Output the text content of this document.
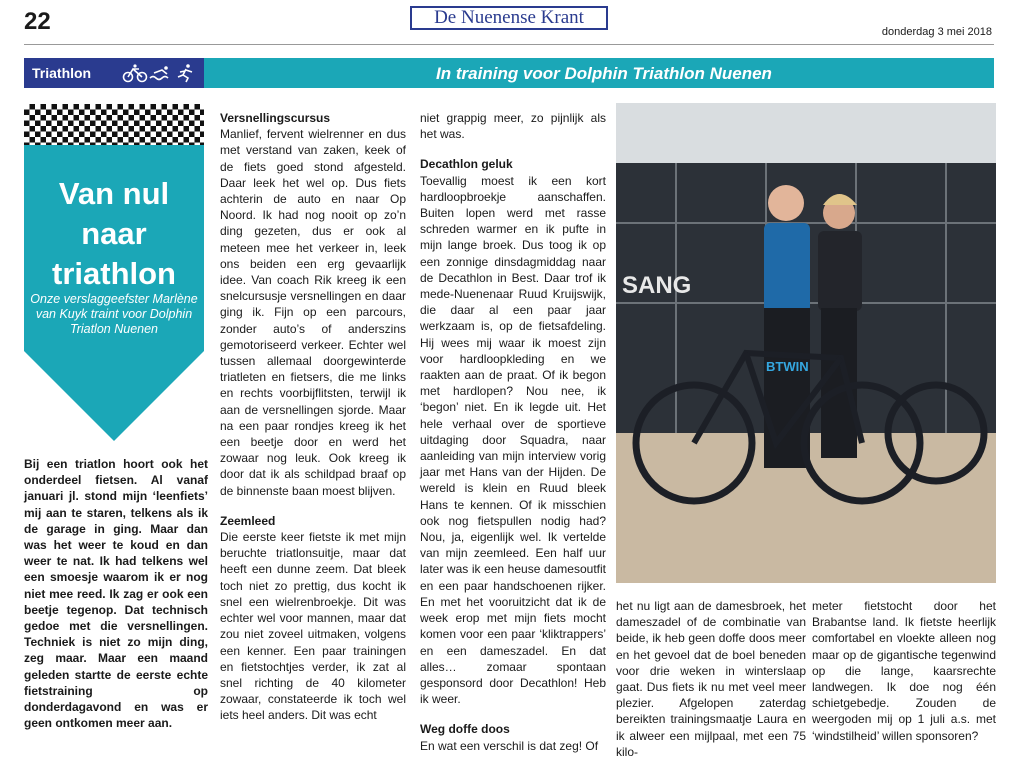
22	De Nuenense Krant
donderdag 3 mei 2018
Triathlon	In training voor Dolphin Triathlon Nuenen
Van nul
naar
triathlon
Onze verslaggeefster Marlène van Kuyk traint voor Dolphin Triatlon Nuenen
Bij een triatlon hoort ook het onderdeel fietsen. Al vanaf januari jl. stond mijn ‘leenfiets’ mij aan te staren, telkens als ik de garage in ging. Maar dan was het weer te koud en dan weer te nat. Ik had telkens wel een smoesje waarom ik er nog niet mee reed. Ik zag er ook een beetje tegenop. Dat technisch gedoe met die versnellingen. Techniek is niet zo mijn ding, zeg maar. Maar een maand geleden startte de eerste echte fietstraining op donderdagavond en was er geen ontkomen meer aan.
Versnellingscursus

Manlief, fervent wielrenner en dus met verstand van zaken, keek of de fiets goed stond afgesteld. Daar leek het wel op. Dus fiets achterin de auto en naar Op Noord. Ik had nog nooit op zo’n ding gezeten, dus er ook al meteen mee het verkeer in, leek ons beiden een erg gevaarlijk idee. Van coach Rik kreeg ik een snelcursusje versnellingen en daar ging ik. Fijn op een parcours, zonder auto’s of anderszins gemotoriseerd verkeer. Echter wel tussen allemaal doorgewinterde triatleten en fietsers, die me links en rechts voorbijflitsten, terwijl ik aan de versnellingen sjorde. Maar na een paar rondjes kreeg ik het een beetje door en werd het zowaar nog leuk. Ook kreeg ik door dat ik als schildpad braaf op de binnenste baan moest blijven.

Zeemleed

Die eerste keer fietste ik met mijn beruchte triatlonsuitje, maar dat heeft een dunne zeem. Dat bleek toch niet zo prettig, dus kocht ik snel een wielrenbroekje. Dit was echter wel voor mannen, maar dat zou niet zoveel uitmaken, volgens een kenner. Een paar trainingen en fietstochtjes verder, ik zat al snel richting de 40 kilometer zowaar, constateerde ik toch wel iets heel anders. Dit was echt

niet grappig meer, zo pijnlijk als het was.

Decathlon geluk

Toevallig moest ik een kort hardloopbroekje aanschaffen. Buiten lopen werd met rasse schreden warmer en ik pufte in mijn lange broek. Dus toog ik op een zonnige dinsdagmiddag naar de Decathlon in Best. Daar trof ik mede-Nuenenaar Ruud Kruijswijk, die daar al een paar jaar werkzaam is, op de fietsafdeling. Hij wees mij waar ik moest zijn voor hardloopkleding en we raakten aan de praat. Of ik begon met hardlopen? Nou nee, ik ‘begon’ niet. En ik legde uit. Het hele verhaal over de sportieve uitdaging door Squadra, naar aanleiding van mijn interview vorig jaar met Hans van der Hijden. De wereld is klein en Ruud bleek Hans te kennen. Of ik misschien ook nog fietspullen nodig had? Nou, ja, eigenlijk wel. Ik vertelde van mijn zeemleed. Een half uur later was ik een heuse damesoutfit en een paar handschoenen rijker. En met het vooruitzicht dat ik de week erop met mijn fiets mocht komen voor een paar ‘kliktrappers’ en een dameszadel. En dat alles… zomaar spontaan gesponsord door Decathlon! Heb ik weer.

Weg doffe doos

En wat een verschil is dat zeg! Of

SANG
BTWIN
het nu ligt aan de damesbroek, het dameszadel of de combinatie van beide, ik heb geen doffe doos meer en het gevoel dat de boel beneden voor drie weken in winterslaap gaat. Dus fiets ik nu met veel meer plezier. Afgelopen zaterdag bereikten trainingsmaatje Laura en ik alweer een mijlpaal, met een 75 kilo-
meter fietstocht door het Brabantse land. Ik fietste heerlijk comfortabel en vloekte alleen nog maar op de gigantische tegenwind op die lange, kaarsrechte landwegen. Ik doe nog één schietgebedje. Zouden de weergoden mij op 1 juli a.s. met ‘windstilheid’ willen sponsoren?
